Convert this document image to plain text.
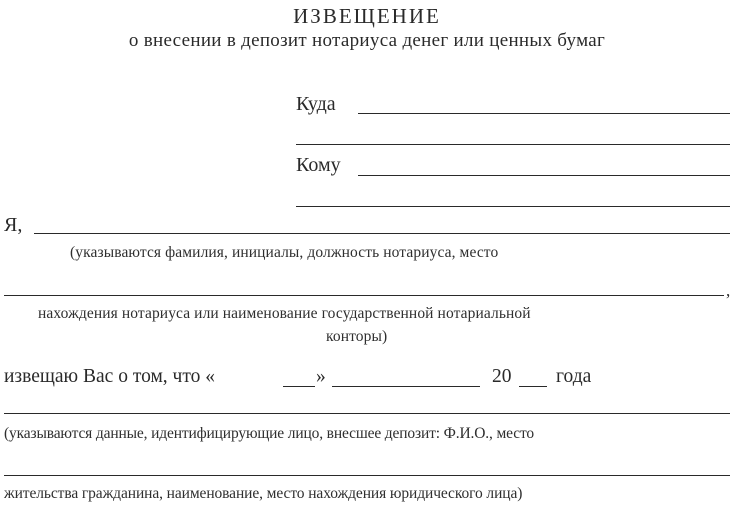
ИЗВЕЩЕНИЕ
о внесении в депозит нотариуса денег или ценных бумаг
Куда
Кому
Я,
(указываются фамилия, инициалы, должность нотариуса, место
,
нахождения нотариуса или наименование государственной нотариальной
конторы)
извещаю Вас о том, что «	»	20 года
(указываются данные, идентифицирующие лицо, внесшее депозит: Ф.И.О., место
жительства гражданина, наименование, место нахождения юридического лица)
